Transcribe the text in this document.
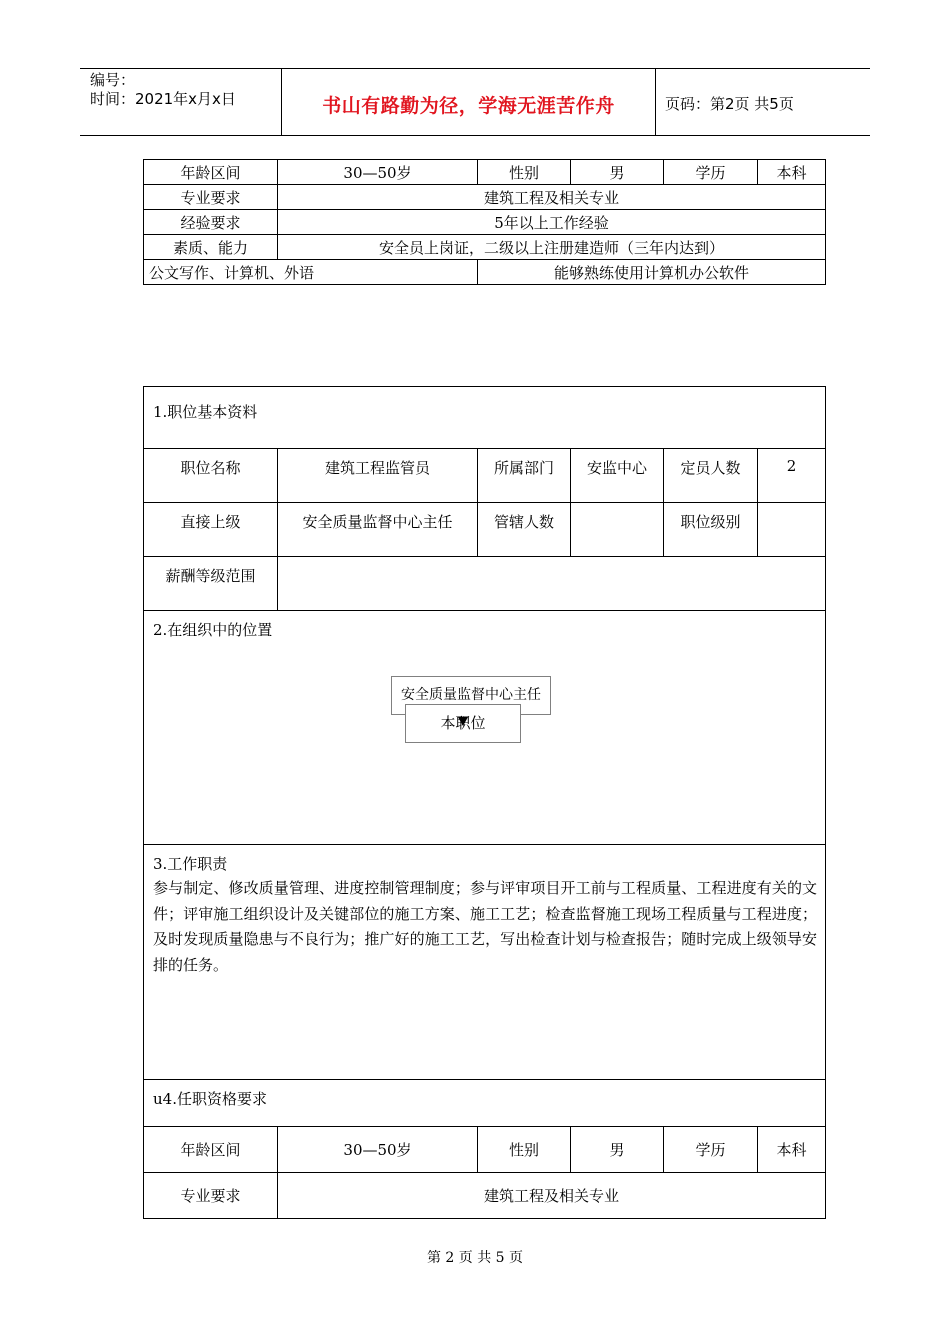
编号：
时间：2021年x月x日	书山有路勤为径，学海无涯苦作舟	页码：第2页 共5页
年龄区间	30—50岁	性别	男	学历	本科
专业要求	建筑工程及相关专业				
经验要求	5年以上工作经验				
素质、能力	安全员上岗证，二级以上注册建造师（三年内达到）				
公文写作、计算机、外语		能够熟练使用计算机办公软件			
1.职位基本资料					
职位名称	建筑工程监管员	所属部门	安监中心	定员人数	2
直接上级	安全质量监督中心主任	管辖人数		职位级别	
薪酬等级范围					

2.在组织中的位置
安全质量监督中心主任
本职位					

3.工作职责
参与制定、修改质量管理、进度控制管理制度；参与评审项目开工前与工程质量、工程进度有关的文件；评审施工组织设计及关键部位的施工方案、施工工艺；检查监督施工现场工程质量与工程进度；及时发现质量隐患与不良行为；推广好的施工工艺，写出检查计划与检查报告；随时完成上级领导安排的任务。					

u4.任职资格要求					
年龄区间	30—50岁	性别	男	学历	本科
专业要求	建筑工程及相关专业				
第 2 页 共 5 页
